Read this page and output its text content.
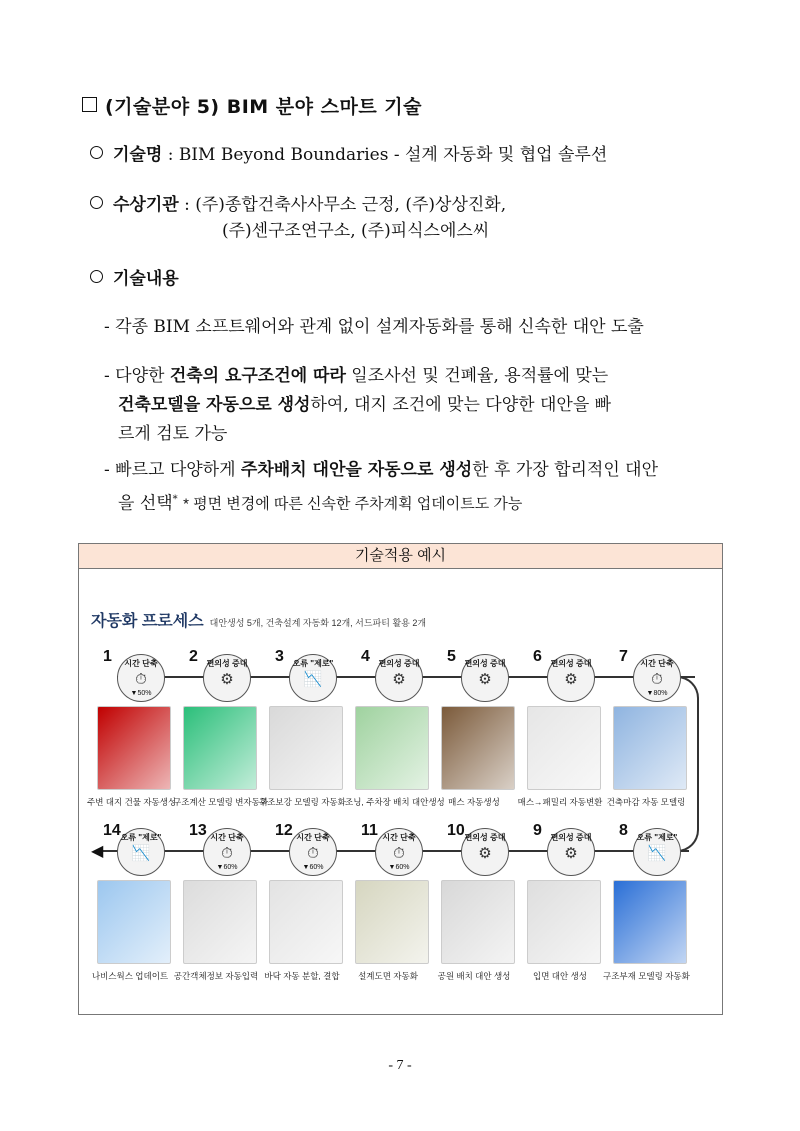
(기술분야 5) BIM 분야 스마트 기술
기술명 : BIM Beyond Boundaries - 설계 자동화 및 협업 솔루션
수상기관 : (주)종합건축사사무소 근정, (주)상상진화,
(주)센구조연구소, (주)피식스에스씨
기술내용
- 각종 BIM 소프트웨어와 관계 없이 설계자동화를 통해 신속한 대안 도출
- 다양한 건축의 요구조건에 따라 일조사선 및 건폐율, 용적률에 맞는
건축모델을 자동으로 생성하여, 대지 조건에 맞는 다양한 대안을 빠
르게 검토 가능
- 빠르고 다양하게 주차배치 대안을 자동으로 생성한 후 가장 합리적인 대안
을 선택* * 평면 변경에 따른 신속한 주차계획 업데이트도 가능
기술적용 예시
자동화 프로세스 대안생성 5개, 건축설계 자동화 12개, 서드파티 활용 2개
◀
1	시간 단축
⏱
▼50%
주변 대지 건물 자동생성
2	편의성 증대
⚙
구조계산 모델링 변자동화
3	오류 "제로"
📉
구조보강 모델링 자동화
4	편의성 증대
⚙
조닝, 주차장 배치 대안생성
5	편의성 증대
⚙
매스 자동생성
6	편의성 증대
⚙
매스→패밀리 자동변환
7	시간 단축
⏱
▼80%
건축마감 자동 모델링
14 오류 "제로"
📉
나비스웍스 업데이트
13 시간 단축
⏱
▼60%
공간객체정보 자동입력
12 시간 단축
⏱
▼60%
바닥 자동 분할, 결합
11 시간 단축
⏱
▼60%
설계도면 자동화
10 편의성 증대
⚙
공원 배치 대안 생성
9	편의성 증대
⚙
입면 대안 생성
8	오류 "제로"
📉
구조부재 모델링 자동화
- 7 -
